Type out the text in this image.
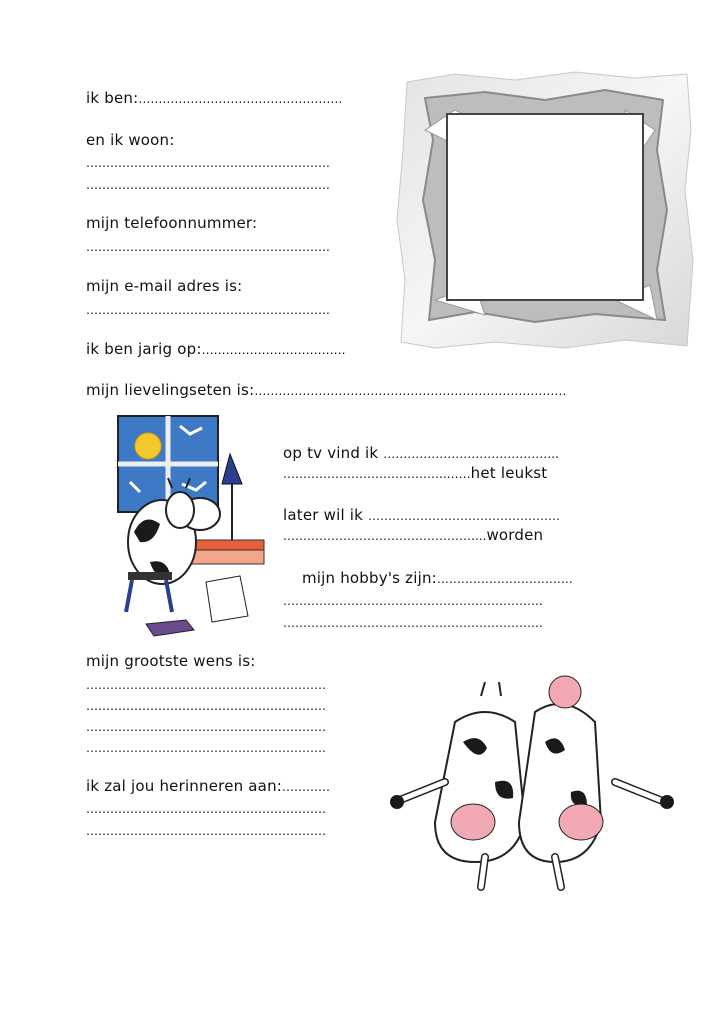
ik ben:……………………………………………
en ik woon:
…………………………………………………….
…………………………………………………….
mijn telefoonnummer:
…………………………………………………….
mijn e-mail adres is:
…………………………………………………….
ik ben jarig op:………………………………
mijn lievelingseten is:……………………………………………………………………
op tv vind ik ……………………………………..
…………………………………..……het leukst
later wil ik …………………………………………
…………………………………………...worden
mijn hobby's zijn:…………………………….
………………………………………………………..
………………………………………………………..
mijn grootste wens is:
……………………………………………………
……………………………………………………
……………………………………………………
……………………………………………………
ik zal jou herinneren aan:…………
……………………………………………………
……………………………………………………
